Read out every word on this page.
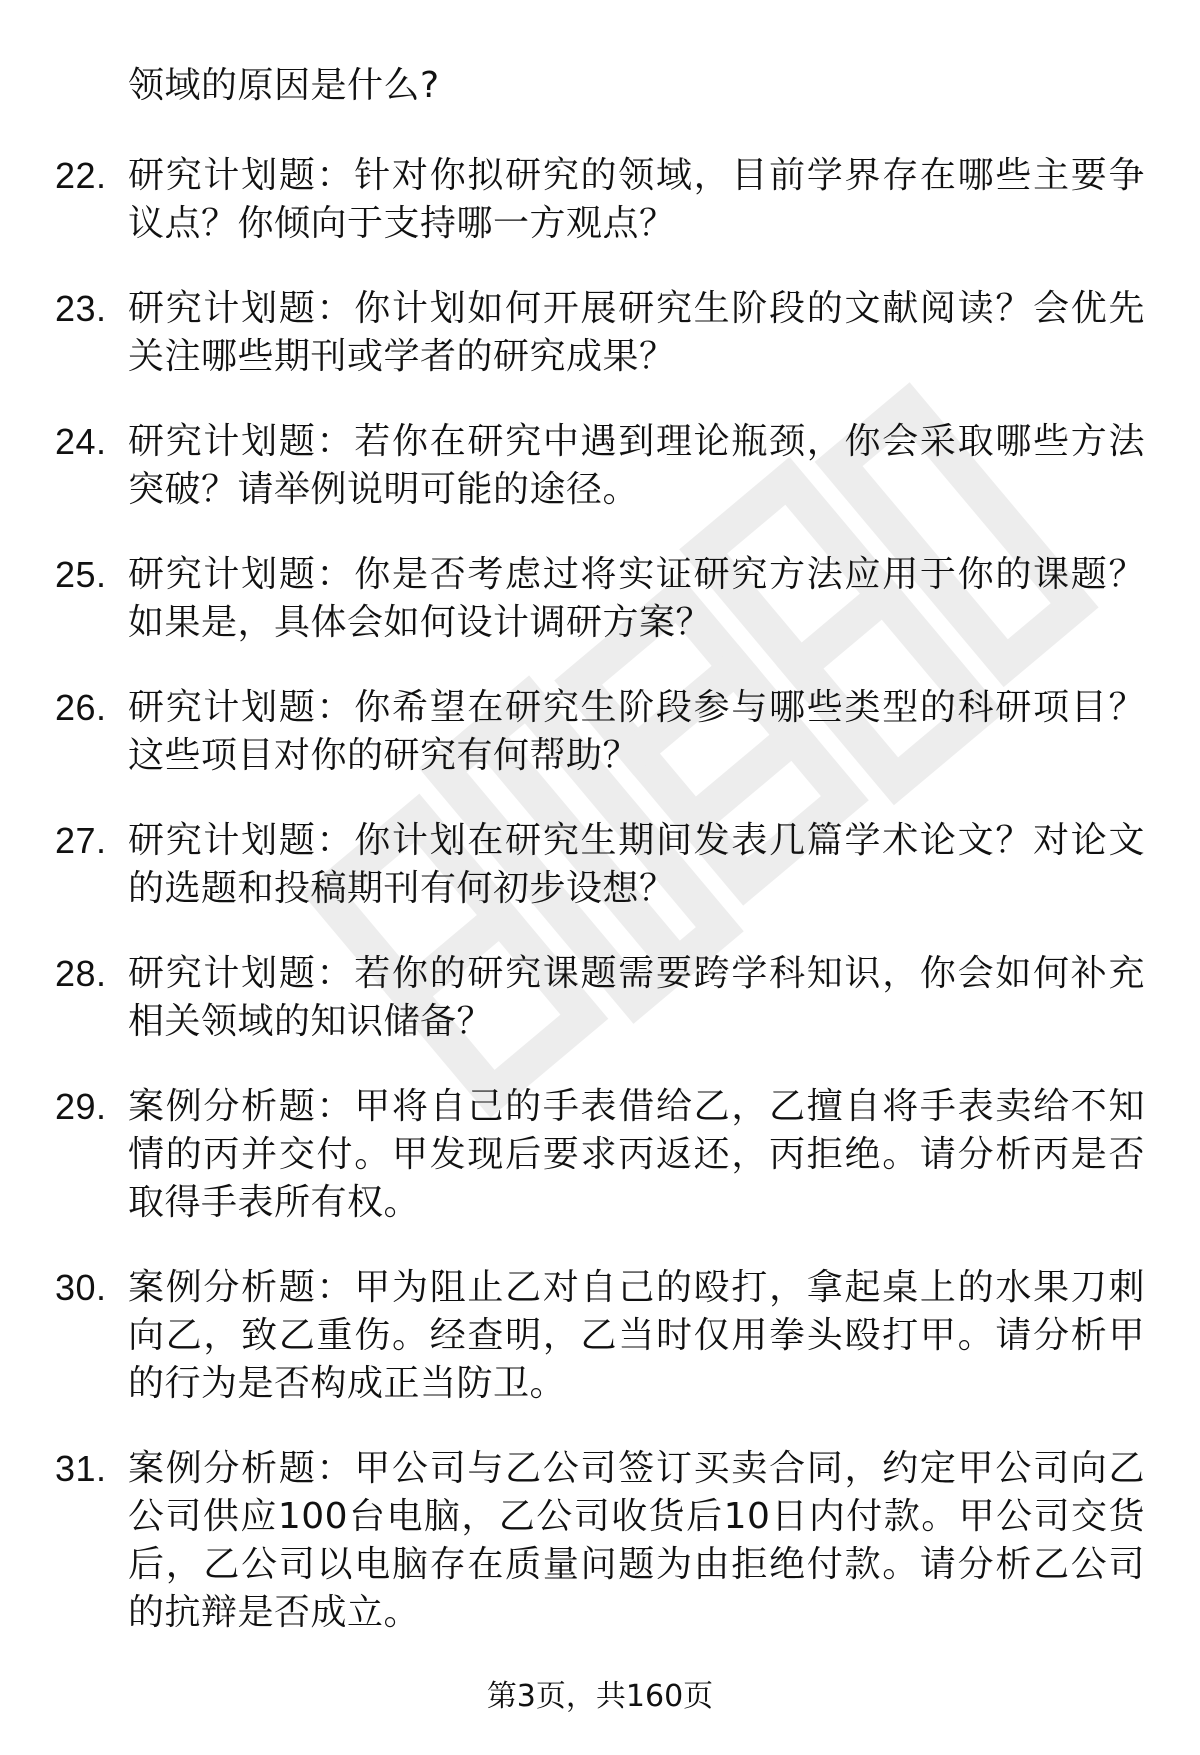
领域的原因是什么?
22. 研究计划题：针对你拟研究的领域，目前学界存在哪些主要争议点？你倾向于支持哪一方观点？
23. 研究计划题：你计划如何开展研究生阶段的文献阅读？会优先关注哪些期刊或学者的研究成果？
24. 研究计划题：若你在研究中遇到理论瓶颈，你会采取哪些方法突破？请举例说明可能的途径。
25. 研究计划题：你是否考虑过将实证研究方法应用于你的课题？如果是，具体会如何设计调研方案？
26. 研究计划题：你希望在研究生阶段参与哪些类型的科研项目？这些项目对你的研究有何帮助？
27. 研究计划题：你计划在研究生期间发表几篇学术论文？对论文的选题和投稿期刊有何初步设想？
28. 研究计划题：若你的研究课题需要跨学科知识，你会如何补充相关领域的知识储备？
29. 案例分析题：甲将自己的手表借给乙，乙擅自将手表卖给不知情的丙并交付。甲发现后要求丙返还，丙拒绝。请分析丙是否取得手表所有权。
30. 案例分析题：甲为阻止乙对自己的殴打，拿起桌上的水果刀刺向乙，致乙重伤。经查明，乙当时仅用拳头殴打甲。请分析甲的行为是否构成正当防卫。
31. 案例分析题：甲公司与乙公司签订买卖合同，约定甲公司向乙公司供应100台电脑，乙公司收货后10日内付款。甲公司交货后，乙公司以电脑存在质量问题为由拒绝付款。请分析乙公司的抗辩是否成立。
第3页，共160页
